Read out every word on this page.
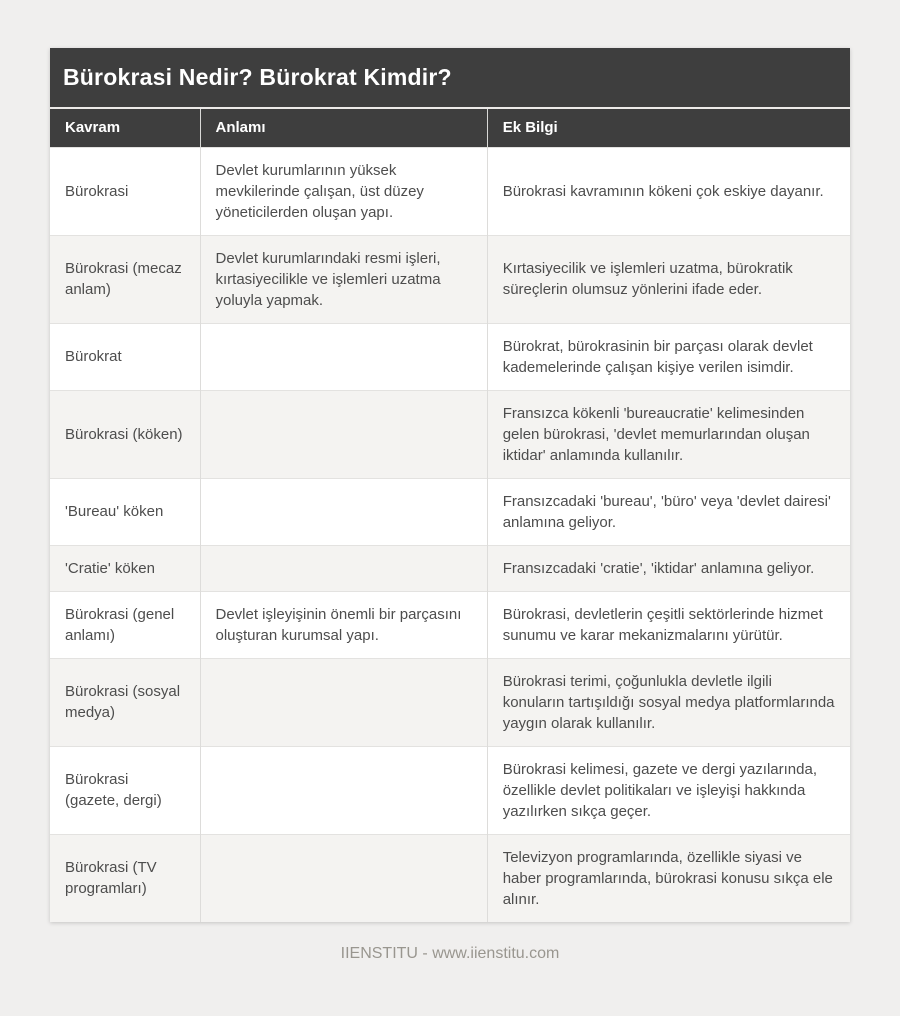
Bürokrasi Nedir? Bürokrat Kimdir?
Kavram	Anlamı	Ek Bilgi
Bürokrasi	Devlet kurumlarının yüksek mevkilerinde çalışan, üst düzey yöneticilerden oluşan yapı.	Bürokrasi kavramının kökeni çok eskiye dayanır.
Bürokrasi (mecaz anlam)	Devlet kurumlarındaki resmi işleri, kırtasiyecilikle ve işlemleri uzatma yoluyla yapmak.	Kırtasiyecilik ve işlemleri uzatma, bürokratik süreçlerin olumsuz yönlerini ifade eder.
Bürokrat		Bürokrat, bürokrasinin bir parçası olarak devlet kademelerinde çalışan kişiye verilen isimdir.
Bürokrasi (köken)		Fransızca kökenli 'bureaucratie' kelimesinden gelen bürokrasi, 'devlet memurlarından oluşan iktidar' anlamında kullanılır.
'Bureau' köken		Fransızcadaki 'bureau', 'büro' veya 'devlet dairesi' anlamına geliyor.
'Cratie' köken		Fransızcadaki 'cratie', 'iktidar' anlamına geliyor.
Bürokrasi (genel anlamı)	Devlet işleyişinin önemli bir parçasını oluşturan kurumsal yapı.	Bürokrasi, devletlerin çeşitli sektörlerinde hizmet sunumu ve karar mekanizmalarını yürütür.
Bürokrasi (sosyal medya)		Bürokrasi terimi, çoğunlukla devletle ilgili konuların tartışıldığı sosyal medya platformlarında yaygın olarak kullanılır.
Bürokrasi (gazete, dergi)		Bürokrasi kelimesi, gazete ve dergi yazılarında, özellikle devlet politikaları ve işleyişi hakkında yazılırken sıkça geçer.
Bürokrasi (TV programları)		Televizyon programlarında, özellikle siyasi ve haber programlarında, bürokrasi konusu sıkça ele alınır.
IIENSTITU - www.iienstitu.com
